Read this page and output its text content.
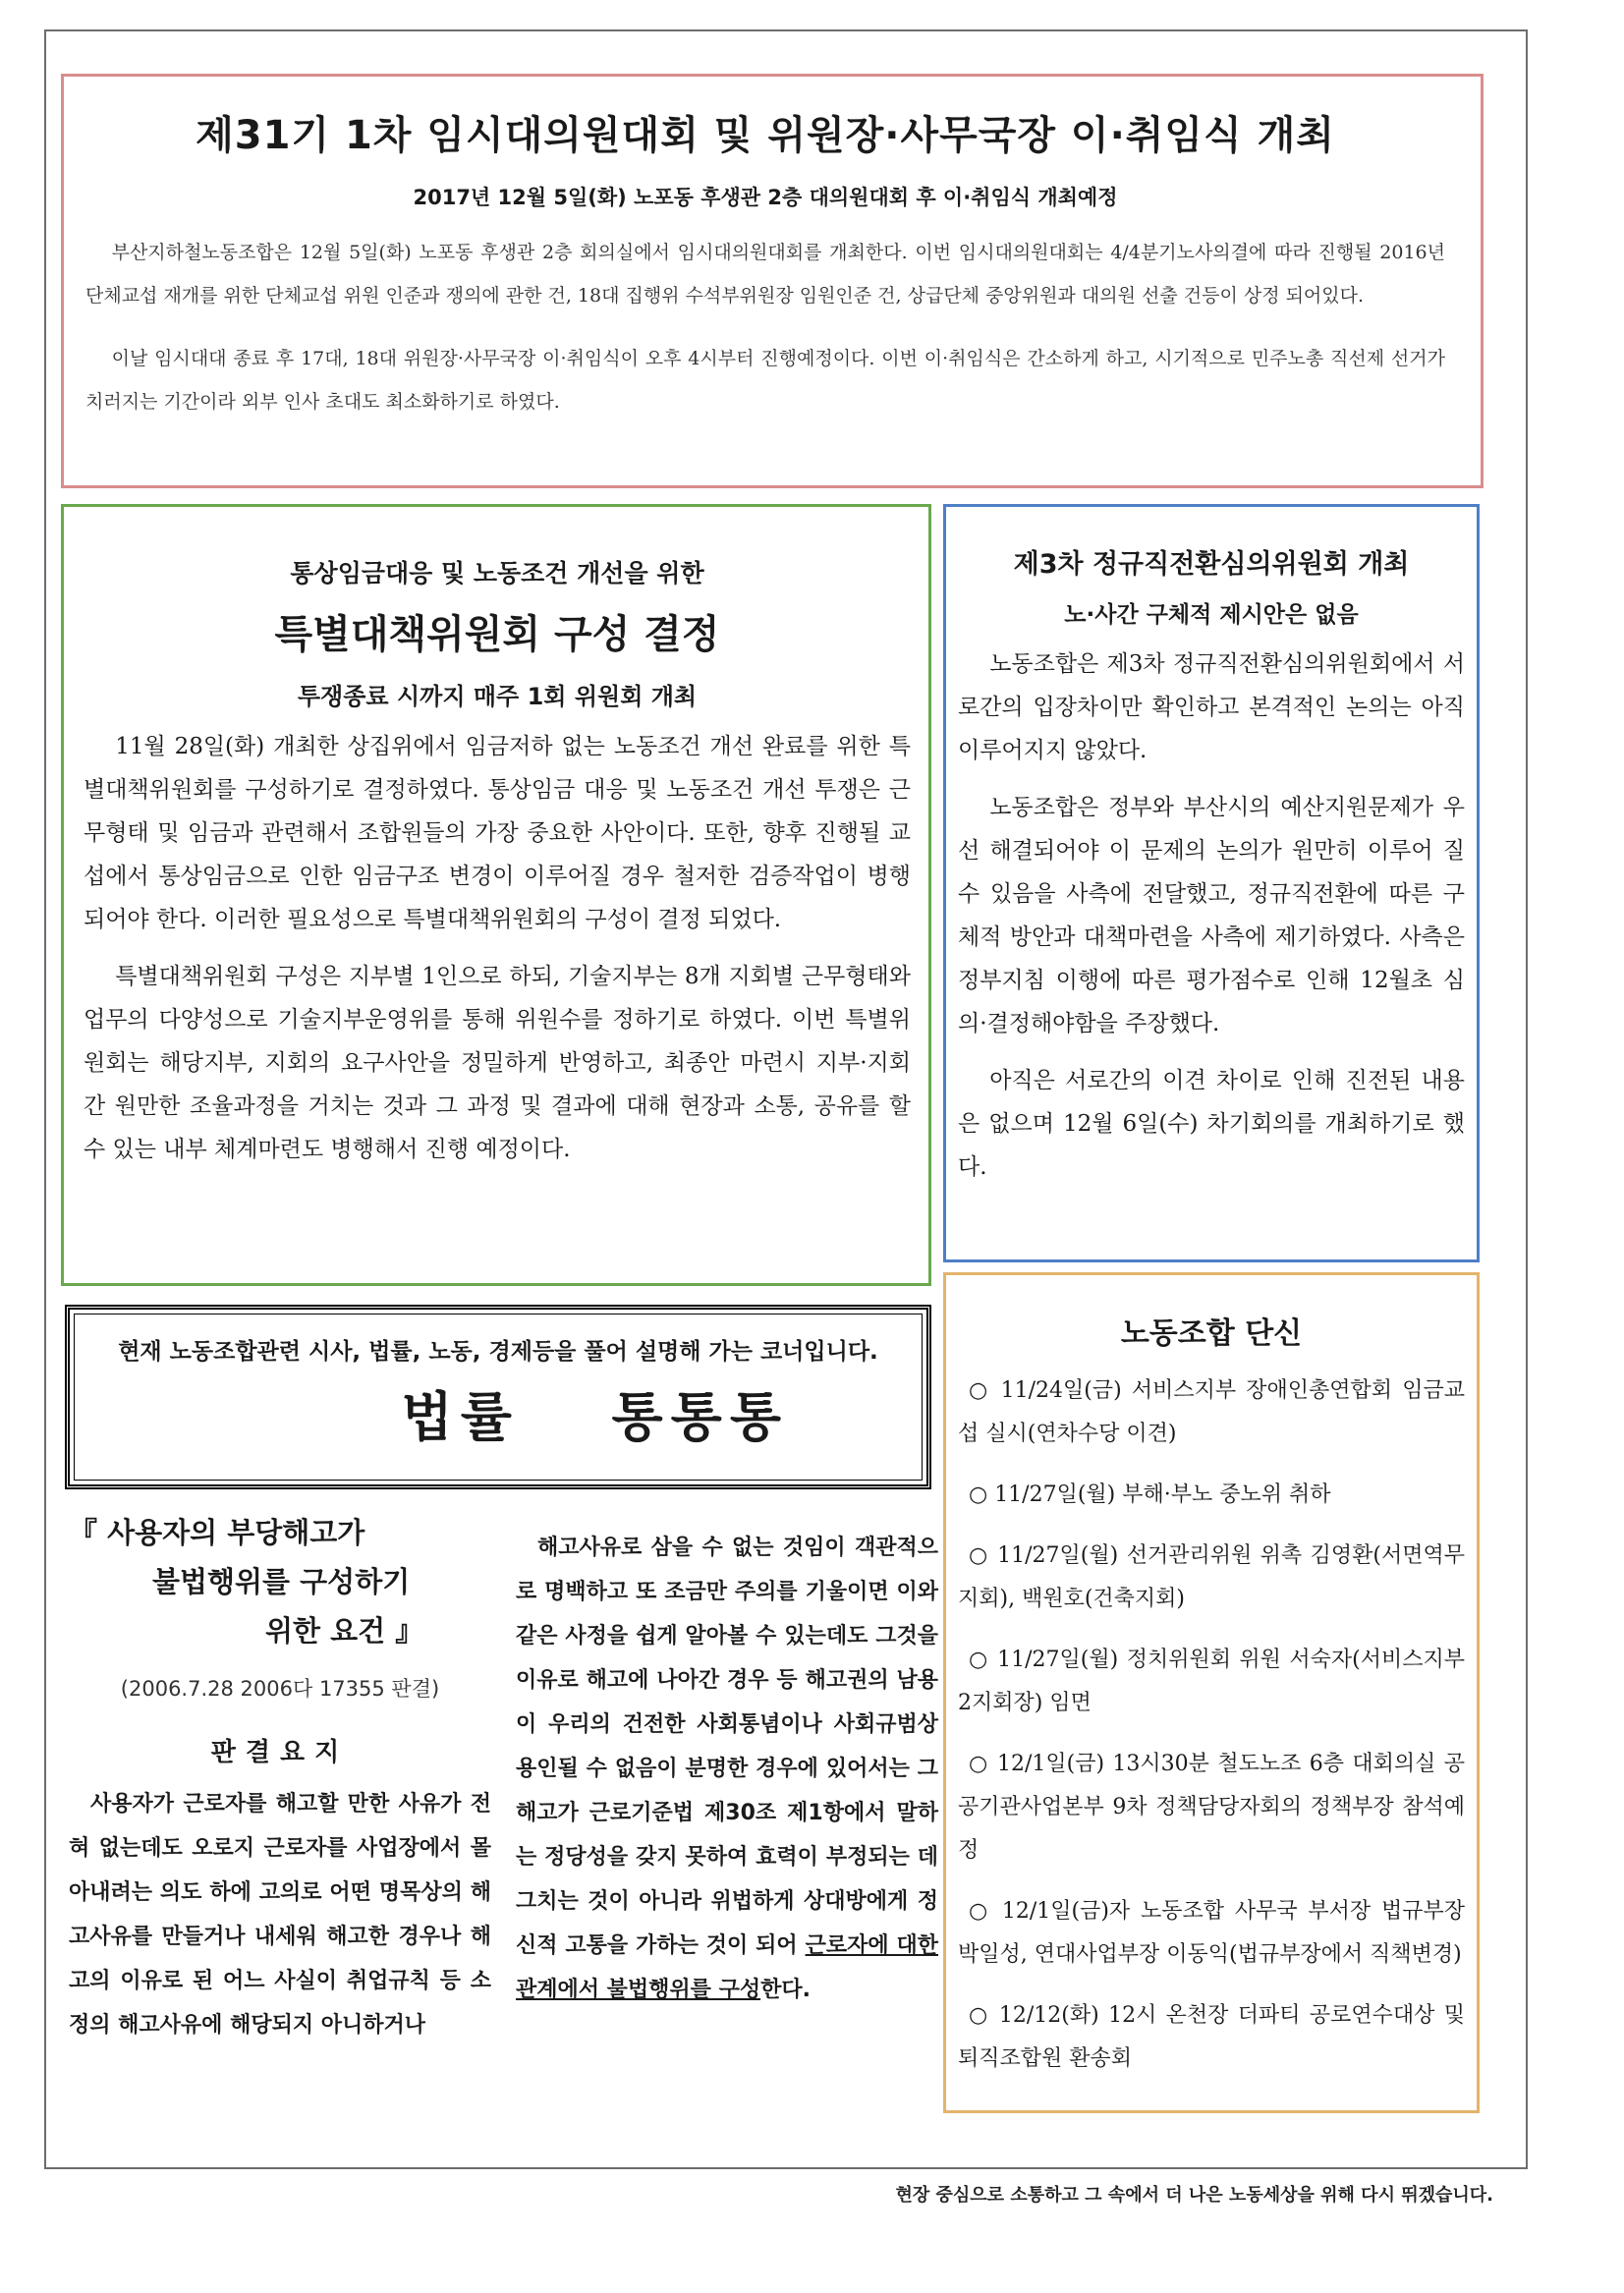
제31기 1차 임시대의원대회 및 위원장·사무국장 이·취임식 개최
2017년 12월 5일(화) 노포동 후생관 2층 대의원대회 후 이·취임식 개최예정

부산지하철노동조합은 12월 5일(화) 노포동 후생관 2층 회의실에서 임시대의원대회를 개최한다. 이번 임시대의원대회는 4/4분기노사의결에 따라 진행될 2016년 단체교섭 재개를 위한 단체교섭 위원 인준과 쟁의에 관한 건, 18대 집행위 수석부위원장 임원인준 건, 상급단체 중앙위원과 대의원 선출 건등이 상정 되어있다.

이날 임시대대 종료 후 17대, 18대 위원장·사무국장 이·취임식이 오후 4시부터 진행예정이다. 이번 이·취임식은 간소하게 하고, 시기적으로 민주노총 직선제 선거가 치러지는 기간이라 외부 인사 초대도 최소화하기로 하였다.

통상임금대응 및 노동조건 개선을 위한
특별대책위원회 구성 결정
투쟁종료 시까지 매주 1회 위원회 개최

11월 28일(화) 개최한 상집위에서 임금저하 없는 노동조건 개선 완료를 위한 특별대책위원회를 구성하기로 결정하였다. 통상임금 대응 및 노동조건 개선 투쟁은 근무형태 및 임금과 관련해서 조합원들의 가장 중요한 사안이다. 또한, 향후 진행될 교섭에서 통상임금으로 인한 임금구조 변경이 이루어질 경우 철저한 검증작업이 병행되어야 한다. 이러한 필요성으로 특별대책위원회의 구성이 결정 되었다.

특별대책위원회 구성은 지부별 1인으로 하되, 기술지부는 8개 지회별 근무형태와 업무의 다양성으로 기술지부운영위를 통해 위원수를 정하기로 하였다. 이번 특별위원회는 해당지부, 지회의 요구사안을 정밀하게 반영하고, 최종안 마련시 지부·지회 간 원만한 조율과정을 거치는 것과 그 과정 및 결과에 대해 현장과 소통, 공유를 할 수 있는 내부 체계마련도 병행해서 진행 예정이다.

제3차 정규직전환심의위원회 개최
노·사간 구체적 제시안은 없음

노동조합은 제3차 정규직전환심의위원회에서 서로간의 입장차이만 확인하고 본격적인 논의는 아직 이루어지지 않았다.

노동조합은 정부와 부산시의 예산지원문제가 우선 해결되어야 이 문제의 논의가 원만히 이루어 질 수 있음을 사측에 전달했고, 정규직전환에 따른 구체적 방안과 대책마련을 사측에 제기하였다. 사측은 정부지침 이행에 따른 평가점수로 인해 12월초 심의·결정해야함을 주장했다.

아직은 서로간의 이견 차이로 인해 진전된 내용은 없으며 12월 6일(수) 차기회의를 개최하기로 했다.

노동조합 단신
○ 11/24일(금) 서비스지부 장애인총연합회 임금교섭 실시(연차수당 이견)
○ 11/27일(월) 부해·부노 중노위 취하
○ 11/27일(월) 선거관리위원 위촉 김영환(서면역무지회), 백원호(건축지회)
○ 11/27일(월) 정치위원회 위원 서숙자(서비스지부 2지회장) 임면
○ 12/1일(금) 13시30분 철도노조 6층 대회의실 공공기관사업본부 9차 정책담당자회의 정책부장 참석예정
○ 12/1일(금)자 노동조합 사무국 부서장 법규부장 박일성, 연대사업부장 이동익(법규부장에서 직책변경)
○ 12/12(화) 12시 온천장 더파티 공로연수대상 및 퇴직조합원 환송회
현재 노동조합관련 시사, 법률, 노동, 경제등을 풀어 설명해 가는 코너입니다.
법률 통통통
『 사용자의 부당해고가
불법행위를 구성하기
위한 요건 』
(2006.7.28 2006다 17355 판결)
판결요지
사용자가 근로자를 해고할 만한 사유가 전혀 없는데도 오로지 근로자를 사업장에서 몰아내려는 의도 하에 고의로 어떤 명목상의 해고사유를 만들거나 내세워 해고한 경우나 해고의 이유로 된 어느 사실이 취업규칙 등 소정의 해고사유에 해당되지 아니하거나
해고사유로 삼을 수 없는 것임이 객관적으로 명백하고 또 조금만 주의를 기울이면 이와 같은 사정을 쉽게 알아볼 수 있는데도 그것을 이유로 해고에 나아간 경우 등 해고권의 남용이 우리의 건전한 사회통념이나 사회규범상 용인될 수 없음이 분명한 경우에 있어서는 그 해고가 근로기준법 제30조 제1항에서 말하는 정당성을 갖지 못하여 효력이 부정되는 데 그치는 것이 아니라 위법하게 상대방에게 정신적 고통을 가하는 것이 되어 근로자에 대한 관계에서 불법행위를 구성한다.
현장 중심으로 소통하고 그 속에서 더 나은 노동세상을 위해 다시 뛰겠습니다.
